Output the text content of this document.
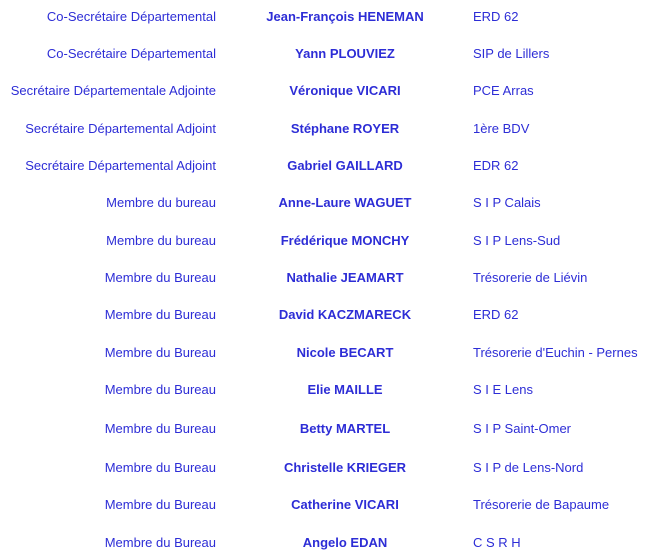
Co-Secrétaire Départemental	Jean-François HENEMAN	ERD 62
Co-Secrétaire Départemental	Yann PLOUVIEZ	SIP de Lillers
Secrétaire Départementale Adjointe	Véronique VICARI	PCE Arras
Secrétaire Départemental Adjoint	Stéphane ROYER	1ère BDV
Secrétaire Départemental Adjoint	Gabriel GAILLARD	EDR 62
Membre du bureau	Anne-Laure WAGUET	S I P Calais
Membre du bureau	Frédérique MONCHY	S I P Lens-Sud
Membre du Bureau	Nathalie JEAMART	Trésorerie de Liévin
Membre du Bureau	David KACZMARECK	ERD 62
Membre du Bureau	Nicole BECART	Trésorerie d'Euchin - Pernes
Membre du Bureau	Elie MAILLE	S I E Lens
Membre du Bureau	Betty MARTEL	S I P Saint-Omer
Membre du Bureau	Christelle KRIEGER	S I P de Lens-Nord
Membre du Bureau	Catherine VICARI	Trésorerie de Bapaume
Membre du Bureau	Angelo EDAN	C S R H
